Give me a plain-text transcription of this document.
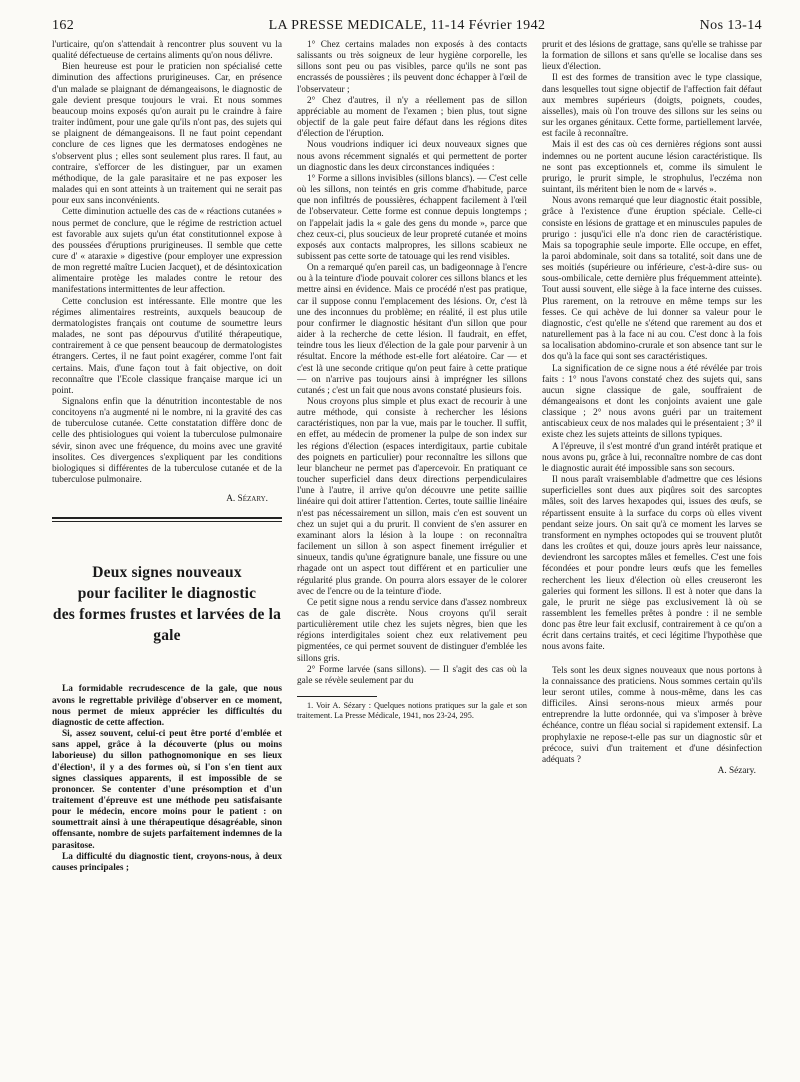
162	LA PRESSE MEDICALE, 11-14 Février 1942	Nos 13-14

l'urticaire, qu'on s'attendait à rencontrer plus souvent vu la qualité défectueuse de certains aliments qu'on nous délivre.

Bien heureuse est pour le praticien non spécialisé cette diminution des affections prurigineuses. Car, en présence d'un malade se plaignant de démangeaisons, le diagnostic de gale devient presque toujours le vrai. Et nous sommes beaucoup moins exposés qu'on aurait pu le craindre à faire traiter indûment, pour une gale qu'ils n'ont pas, des sujets qui se plaignent de démangeaisons. Il ne faut point cependant conclure de ces lignes que les dermatoses endogènes ne s'observent plus ; elles sont seulement plus rares. Il faut, au contraire, s'efforcer de les distinguer, par un examen méthodique, de la gale parasitaire et ne pas exposer les malades qui en sont atteints à un traitement qui ne serait pas pour eux sans inconvénients.

Cette diminution actuelle des cas de « réactions cutanées » nous permet de conclure, que le régime de restriction actuel est favorable aux sujets qu'un état constitutionnel expose à des poussées d'éruptions prurigineuses. Il semble que cette cure d' « ataraxie » digestive (pour employer une expression de mon regretté maître Lucien Jacquet), et de désintoxication alimentaire protège les malades contre le retour des manifestations intermittentes de leur affection.

Cette conclusion est intéressante. Elle montre que les régimes alimentaires restreints, auxquels beaucoup de dermatologistes français ont coutume de soumettre leurs malades, ne sont pas dépourvus d'utilité thérapeutique, contrairement à ce que pensent beaucoup de dermatologistes étrangers. Certes, il ne faut point exagérer, comme l'ont fait certains. Mais, d'une façon tout à fait objective, on doit reconnaître que l'Ecole classique française marque ici un point.

Signalons enfin que la dénutrition incontestable de nos concitoyens n'a augmenté ni le nombre, ni la gravité des cas de tuberculose cutanée. Cette constatation diffère donc de celle des phtisiologues qui voient la tuberculose pulmonaire sévir, sinon avec une fréquence, du moins avec une gravité insolites. Ces divergences s'expliquent par les conditions biologiques si différentes de la tuberculose cutanée et de la tuberculose pulmonaire.

A. Sézary.
Deux signes nouveaux
pour faciliter le diagnostic
des formes frustes et larvées de la gale

La formidable recrudescence de la gale, que nous avons le regrettable privilège d'observer en ce moment, nous permet de mieux apprécier les difficultés du diagnostic de cette affection.

Si, assez souvent, celui-ci peut être porté d'emblée et sans appel, grâce à la découverte (plus ou moins laborieuse) du sillon pathognomonique en ses lieux d'élection¹, il y a des formes où, si l'on s'en tient aux signes classiques apparents, il est impossible de se prononcer. Se contenter d'une présomption et d'un traitement d'épreuve est une méthode peu satisfaisante pour le médecin, encore moins pour le patient : on soumettrait ainsi à une thérapeutique désagréable, sinon offensante, nombre de sujets parfaitement indemnes de la parasitose.

La difficulté du diagnostic tient, croyons-nous, à deux causes principales ;

1° Chez certains malades non exposés à des contacts salissants ou très soigneux de leur hygiène corporelle, les sillons sont peu ou pas visibles, parce qu'ils ne sont pas encrassés de poussières ; ils peuvent donc échapper à l'œil de l'observateur ;

2° Chez d'autres, il n'y a réellement pas de sillon appréciable au moment de l'examen ; bien plus, tout signe objectif de la gale peut faire défaut dans les régions dites d'élection de l'éruption.

Nous voudrions indiquer ici deux nouveaux signes que nous avons récemment signalés et qui permettent de porter un diagnostic dans les deux circonstances indiquées :

1° Forme a sillons invisibles (sillons blancs). — C'est celle où les sillons, non teintés en gris comme d'habitude, parce que non infiltrés de poussières, échappent facilement à l'œil de l'observateur. Cette forme est connue depuis longtemps ; on l'appelait jadis la « gale des gens du monde », parce que chez ceux-ci, plus soucieux de leur propreté cutanée et moins exposés aux contacts malpropres, les sillons scabieux ne subissent pas cette sorte de tatouage qui les rend visibles.

On a remarqué qu'en pareil cas, un badigeonnage à l'encre ou à la teinture d'iode pouvait colorer ces sillons blancs et les mettre ainsi en évidence. Mais ce procédé n'est pas pratique, car il suppose connu l'emplacement des lésions. Or, c'est là une des inconnues du problème; en réalité, il est plus utile pour confirmer le diagnostic hésitant d'un sillon que pour aider à la recherche de cette lésion. Il faudrait, en effet, teindre tous les lieux d'élection de la gale pour parvenir à un résultat. Encore la méthode est-elle fort aléatoire. Car — et c'est là une seconde critique qu'on peut faire à cette pratique — on n'arrive pas toujours ainsi à imprégner les sillons cutanés ; c'est un fait que nous avons constaté plusieurs fois.

Nous croyons plus simple et plus exact de recourir à une autre méthode, qui consiste à rechercher les lésions caractéristiques, non par la vue, mais par le toucher. Il suffit, en effet, au médecin de promener la pulpe de son index sur les régions d'élection (espaces interdigitaux, partie cubitale des poignets en particulier) pour reconnaître les sillons que leur blancheur ne permet pas d'apercevoir. En pratiquant ce toucher superficiel dans deux directions perpendiculaires l'une à l'autre, il arrive qu'on découvre une petite saillie linéaire qui doit attirer l'attention. Certes, toute saillie linéaire n'est pas nécessairement un sillon, mais c'en est souvent un chez un sujet qui a du prurit. Il convient de s'en assurer en examinant alors la lésion à la loupe : on reconnaîtra facilement un sillon à son aspect finement irrégulier et sinueux, tandis qu'une égratignure banale, une fissure ou une rhagade ont un aspect tout différent et en particulier une régularité plus grande. On pourra alors essayer de le colorer avec de l'encre ou de la teinture d'iode.

Ce petit signe nous a rendu service dans d'assez nombreux cas de gale discrète. Nous croyons qu'il serait particulièrement utile chez les sujets nègres, bien que les régions interdigitales soient chez eux relativement peu pigmentées, ce qui permet souvent de distinguer d'emblée les sillons gris.

2° Forme larvée (sans sillons). — Il s'agit des cas où la gale se révèle seulement par du

1. Voir A. Sézary : Quelques notions pratiques sur la gale et son traitement. La Presse Médicale, 1941, nos 23-24, 295.

prurit et des lésions de grattage, sans qu'elle se trahisse par la formation de sillons et sans qu'elle se localise dans ses lieux d'élection.

Il est des formes de transition avec le type classique, dans lesquelles tout signe objectif de l'affection fait défaut aux membres supérieurs (doigts, poignets, coudes, aisselles), mais où l'on trouve des sillons sur les seins ou sur les organes génitaux. Cette forme, partiellement larvée, est facile à reconnaître.

Mais il est des cas où ces dernières régions sont aussi indemnes ou ne portent aucune lésion caractéristique. Ils ne sont pas exceptionnels et, comme ils simulent le prurigo, le prurit simple, le strophulus, l'eczéma non suintant, ils méritent bien le nom de « larvés ».

Nous avons remarqué que leur diagnostic était possible, grâce à l'existence d'une éruption spéciale. Celle-ci consiste en lésions de grattage et en minuscules papules de prurigo : jusqu'ici elle n'a donc rien de caractéristique. Mais sa topographie seule importe. Elle occupe, en effet, la paroi abdominale, soit dans sa totalité, soit dans une de ses moitiés (supérieure ou inférieure, c'est-à-dire sus- ou sous-ombilicale, cette dernière plus fréquemment atteinte). Tout aussi souvent, elle siège à la face interne des cuisses. Plus rarement, on la retrouve en même temps sur les fesses. Ce qui achève de lui donner sa valeur pour le diagnostic, c'est qu'elle ne s'étend que rarement au dos et naturellement pas à la face ni au cou. C'est donc à la fois sa localisation abdomino-crurale et son absence tant sur le dos qu'à la face qui sont ses caractéristiques.

La signification de ce signe nous a été révélée par trois faits : 1° nous l'avons constaté chez des sujets qui, sans aucun signe classique de gale, souffraient de démangeaisons et dont les conjoints avaient une gale classique ; 2° nous avons guéri par un traitement antiscabieux ceux de nos malades qui le présentaient ; 3° il existe chez les sujets atteints de sillons typiques.

A l'épreuve, il s'est montré d'un grand intérêt pratique et nous avons pu, grâce à lui, reconnaître nombre de cas dont le diagnostic aurait été impossible sans son secours.

Il nous paraît vraisemblable d'admettre que ces lésions superficielles sont dues aux piqûres soit des sarcoptes mâles, soit des larves hexapodes qui, issues des œufs, se répartissent ensuite à la surface du corps où elles vivent pendant seize jours. On sait qu'à ce moment les larves se transforment en nymphes octopodes qui se trouvent plutôt dans les croûtes et qui, douze jours après leur naissance, deviendront les sarcoptes mâles et femelles. C'est une fois fécondées et pour pondre leurs œufs que les femelles recherchent les lieux d'élection où elles creuseront les galeries qui forment les sillons. Il est à noter que dans la gale, le prurit ne siège pas exclusivement là où se rassemblent les femelles prêtes à pondre : il ne semble donc pas être leur fait exclusif, contrairement à ce qu'on a écrit dans certains traités, et ceci légitime l'hypothèse que nous avons faite.

Tels sont les deux signes nouveaux que nous portons à la connaissance des praticiens. Nous sommes certain qu'ils leur seront utiles, comme à nous-même, dans les cas difficiles. Ainsi serons-nous mieux armés pour entreprendre la lutte ordonnée, qui va s'imposer à brève échéance, contre un fléau social si rapidement extensif. La prophylaxie ne repose-t-elle pas sur un diagnostic sûr et précoce, suivi d'un traitement et d'une désinfection adéquats ?

A. Sézary.
